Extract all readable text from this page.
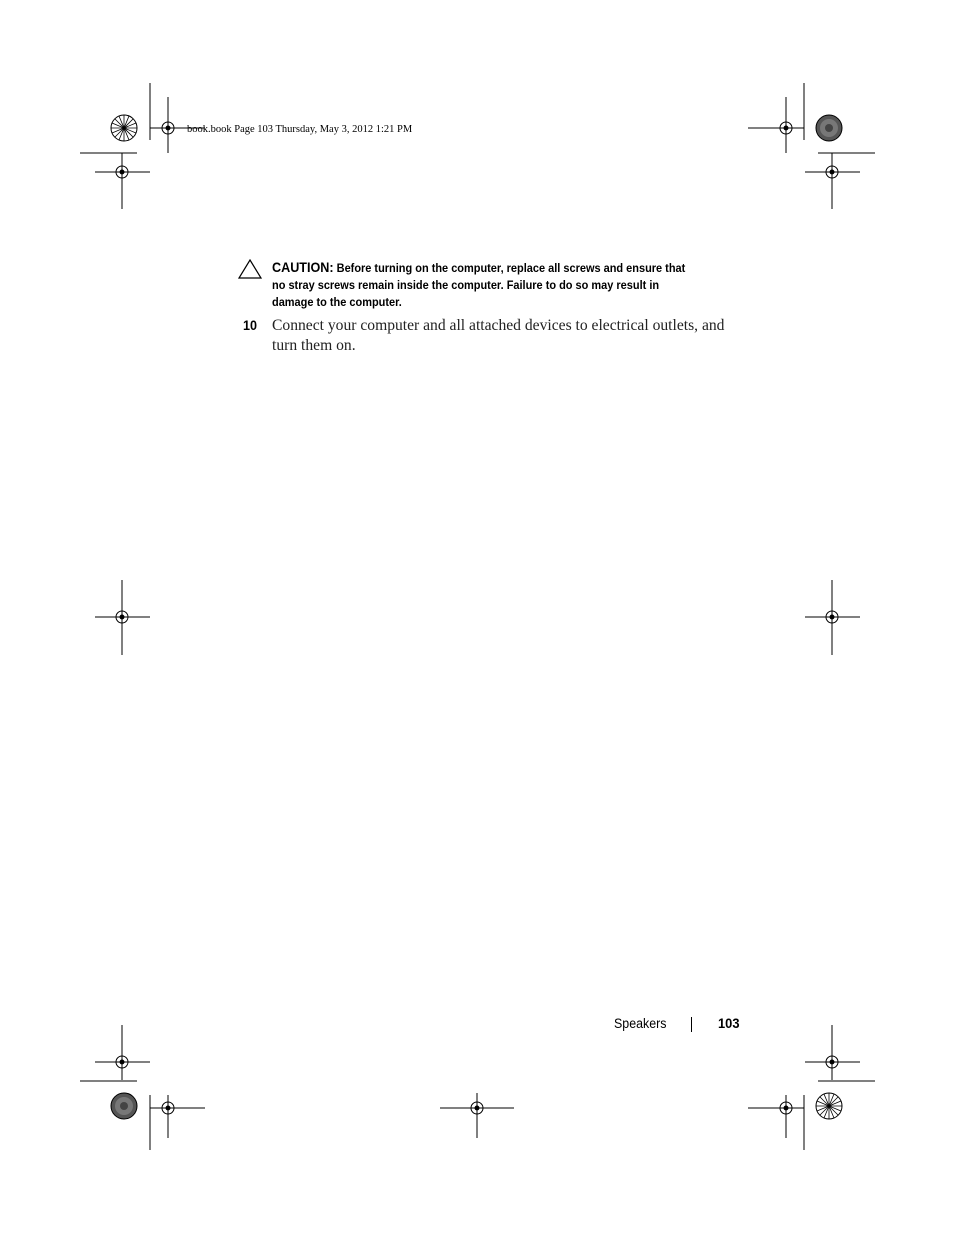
book.book Page 103 Thursday, May 3, 2012 1:21 PM
CAUTION: Before turning on the computer, replace all screws and ensure that no stray screws remain inside the computer. Failure to do so may result in damage to the computer.
10 Connect your computer and all attached devices to electrical outlets, and turn them on.
Speakers	103
